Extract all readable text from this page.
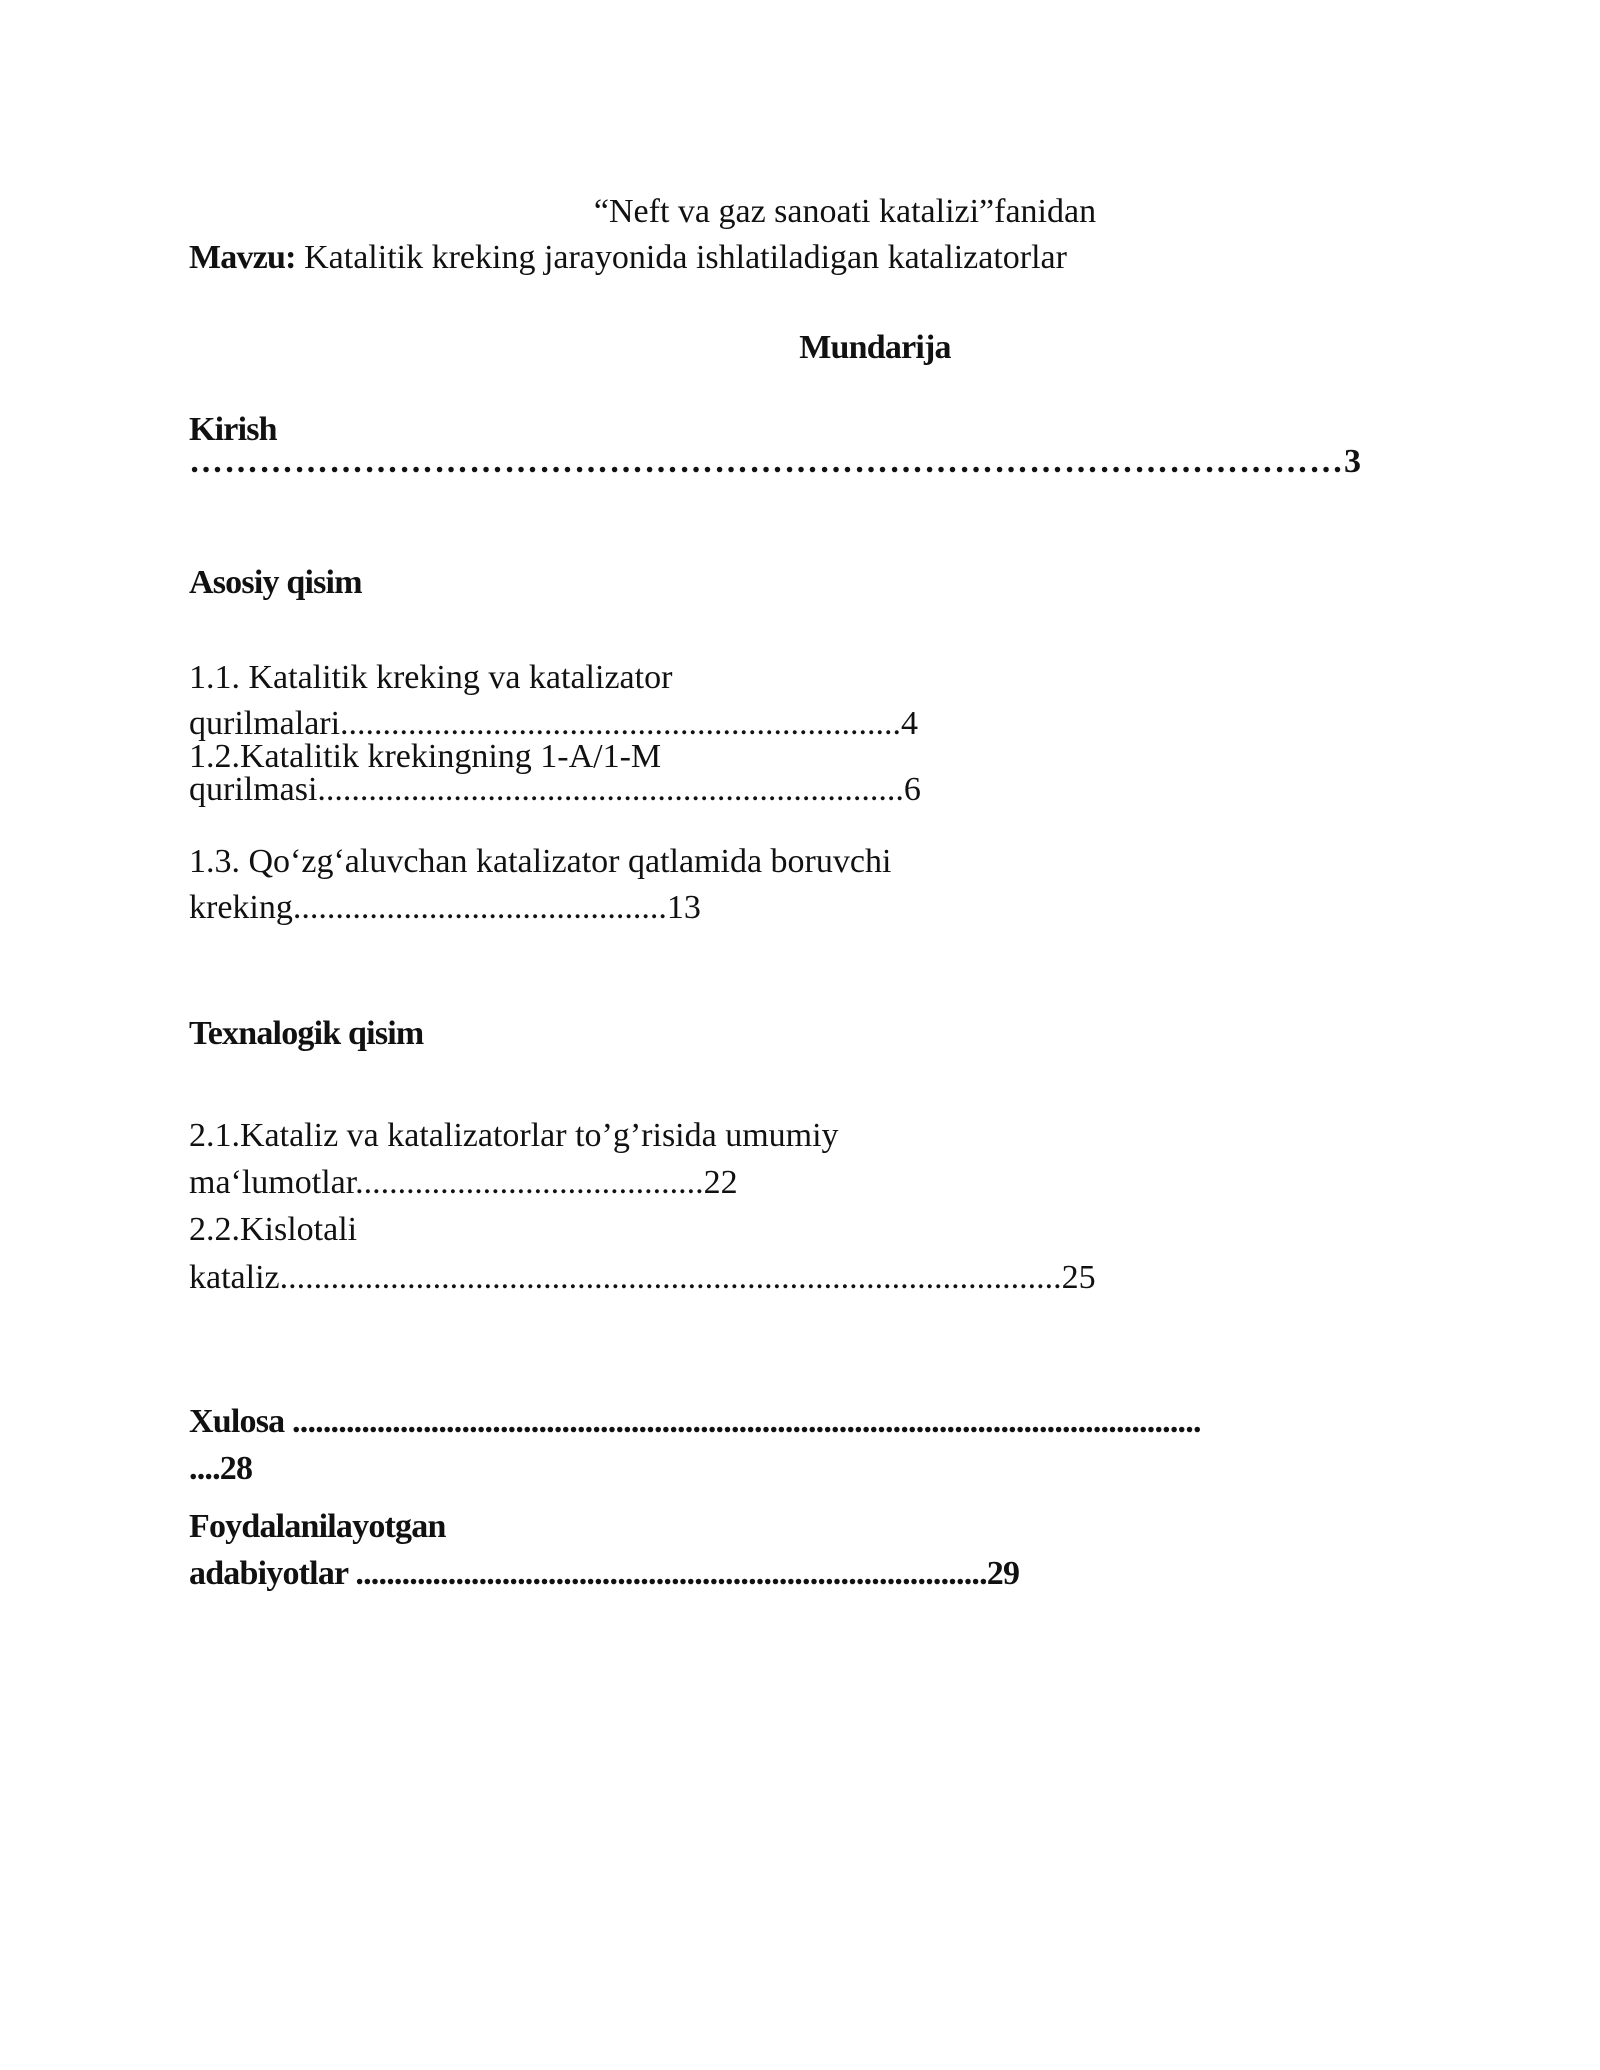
“Neft va gaz sanoati katalizi”fanidan
Mavzu: Katalitik kreking jarayonida ishlatiladigan katalizatorlar
Mundarija
Kirish
………………………………………………………………………………………3
Asosiy qisim
1.1. Katalitik kreking va katalizator
qurilmalari..................................................................4
1.2.Katalitik krekingning 1-A/1-M
qurilmasi.....................................................................6
1.3. Qo‘zg‘aluvchan katalizator qatlamida boruvchi
kreking............................................13
Texnalogik qisim
2.1.Kataliz va katalizatorlar to’g’risida umumiy
ma‘lumotlar.........................................22
2.2.Kislotali
kataliz............................................................................................25
Xulosa ......................................................................................................................
....28
Foydalanilayotgan
adabiyotlar ..................................................................................29
